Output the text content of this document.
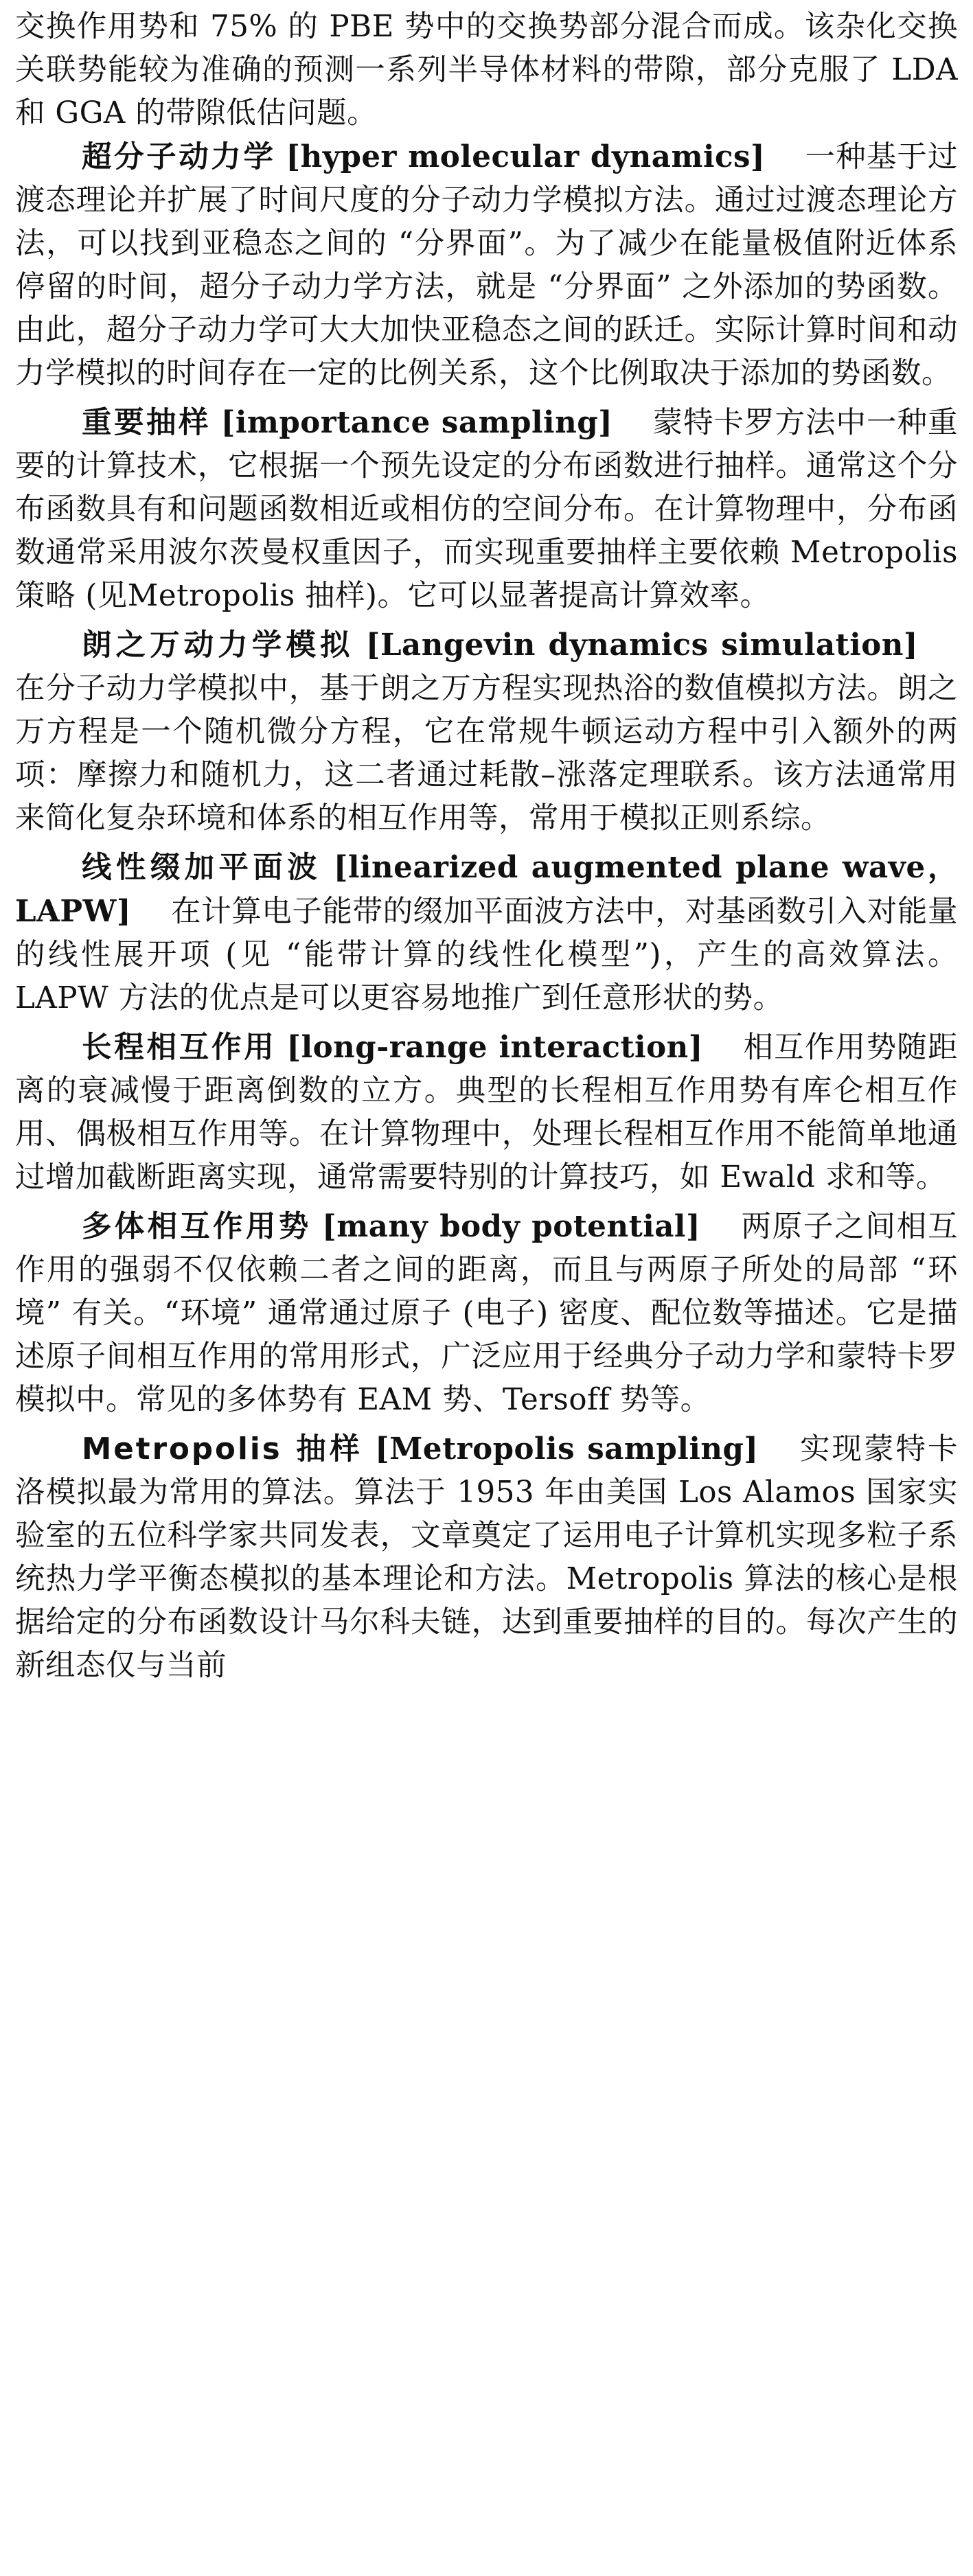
交换作用势和 75% 的 PBE 势中的交换势部分混合而成。该杂化交换关联势能较为准确的预测一系列半导体材料的带隙，部分克服了 LDA 和 GGA 的带隙低估问题。

超分子动力学 [hyper molecular dynamics] 一种基于过渡态理论并扩展了时间尺度的分子动力学模拟方法。通过过渡态理论方法，可以找到亚稳态之间的 “分界面”。为了减少在能量极值附近体系停留的时间，超分子动力学方法，就是 “分界面” 之外添加的势函数。由此，超分子动力学可大大加快亚稳态之间的跃迁。实际计算时间和动力学模拟的时间存在一定的比例关系，这个比例取决于添加的势函数。

重要抽样 [importance sampling] 蒙特卡罗方法中一种重要的计算技术，它根据一个预先设定的分布函数进行抽样。通常这个分布函数具有和问题函数相近或相仿的空间分布。在计算物理中，分布函数通常采用波尔茨曼权重因子，而实现重要抽样主要依赖 Metropolis 策略 (见Metropolis 抽样)。它可以显著提高计算效率。

朗之万动力学模拟 [Langevin dynamics simulation]在分子动力学模拟中，基于朗之万方程实现热浴的数值模拟方法。朗之万方程是一个随机微分方程，它在常规牛顿运动方程中引入额外的两项：摩擦力和随机力，这二者通过耗散–涨落定理联系。该方法通常用来简化复杂环境和体系的相互作用等，常用于模拟正则系综。

线性缀加平面波 [linearized augmented plane wave，LAPW] 在计算电子能带的缀加平面波方法中，对基函数引入对能量的线性展开项 (见 “能带计算的线性化模型”)，产生的高效算法。LAPW 方法的优点是可以更容易地推广到任意形状的势。

长程相互作用 [long-range interaction] 相互作用势随距离的衰减慢于距离倒数的立方。典型的长程相互作用势有库仑相互作用、偶极相互作用等。在计算物理中，处理长程相互作用不能简单地通过增加截断距离实现，通常需要特别的计算技巧，如 Ewald 求和等。

多体相互作用势 [many body potential] 两原子之间相互作用的强弱不仅依赖二者之间的距离，而且与两原子所处的局部 “环境” 有关。“环境” 通常通过原子 (电子) 密度、配位数等描述。它是描述原子间相互作用的常用形式，广泛应用于经典分子动力学和蒙特卡罗模拟中。常见的多体势有 EAM 势、Tersoff 势等。

Metropolis 抽样 [Metropolis sampling] 实现蒙特卡洛模拟最为常用的算法。算法于 1953 年由美国 Los Alamos 国家实验室的五位科学家共同发表，文章奠定了运用电子计算机实现多粒子系统热力学平衡态模拟的基本理论和方法。Metropolis 算法的核心是根据给定的分布函数设计马尔科夫链，达到重要抽样的目的。每次产生的新组态仅与当前
